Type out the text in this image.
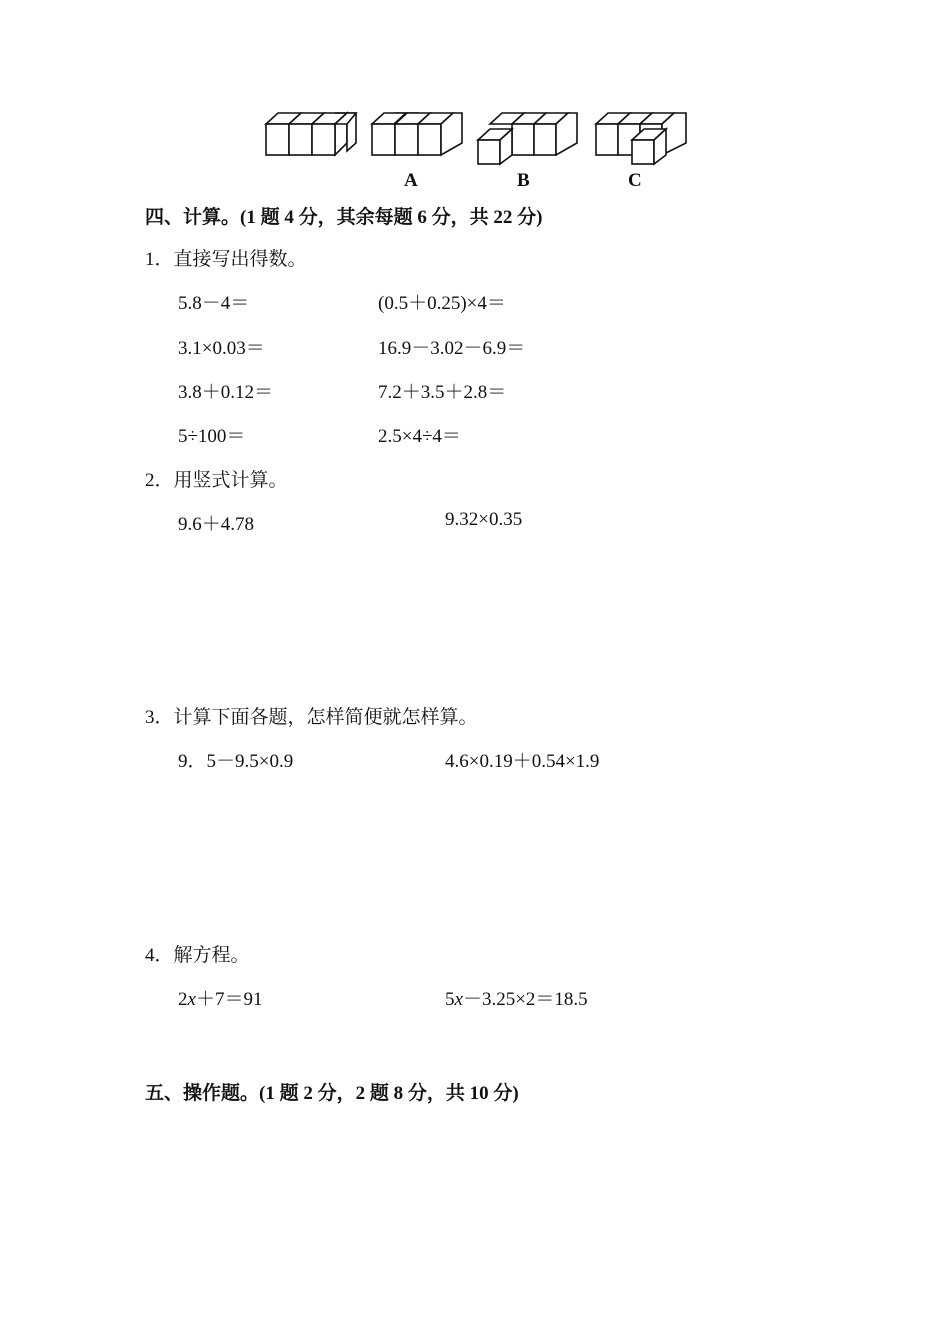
A	B	C
四、计算。(1 题 4 分，其余每题 6 分，共 22 分)
1．直接写出得数。
5.8－4＝	(0.5＋0.25)×4＝
3.1×0.03＝	16.9－3.02－6.9＝
3.8＋0.12＝	7.2＋3.5＋2.8＝
5÷100＝	2.5×4÷4＝
2．用竖式计算。
9.6＋4.78	9.32×0.35
3．计算下面各题，怎样简便就怎样算。
9．5－9.5×0.9	4.6×0.19＋0.54×1.9
4．解方程。
2x＋7＝91	5x－3.25×2＝18.5
五、操作题。(1 题 2 分，2 题 8 分，共 10 分)
